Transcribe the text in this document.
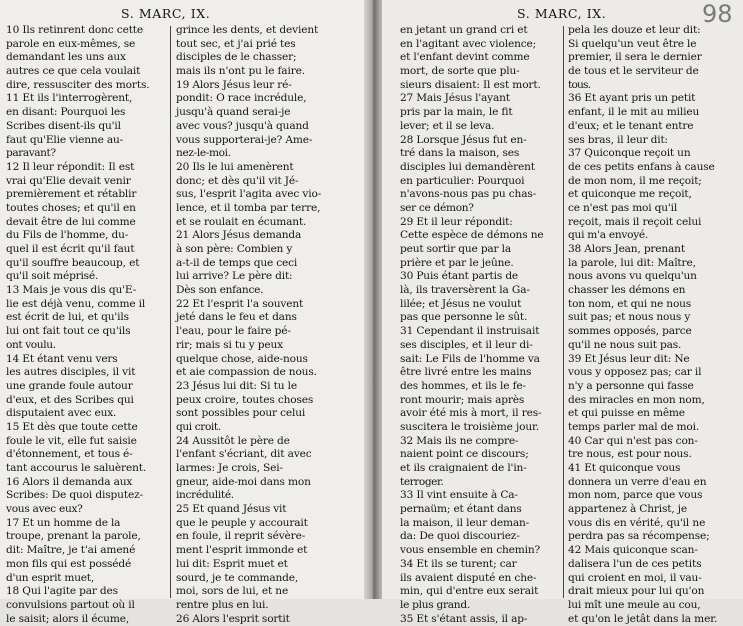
S. MARC, IX.
10 Ils retinrent donc cette
parole en eux-mêmes, se
demandant les uns aux
autres ce que cela voulait
dire, ressusciter des morts.
11 Et ils l'interrogèrent,
en disant: Pourquoi les
Scribes disent-ils qu'il
faut qu'Elie vienne au-
paravant?
12 Il leur répondit: Il est
vrai qu'Elie devait venir
premièrement et rétablir
toutes choses; et qu'il en
devait être de lui comme
du Fils de l'homme, du-
quel il est écrit qu'il faut
qu'il souffre beaucoup, et
qu'il soit méprisé.
13 Mais je vous dis qu'E-
lie est déjà venu, comme il
est écrit de lui, et qu'ils
lui ont fait tout ce qu'ils
ont voulu.
14 Et étant venu vers
les autres disciples, il vit
une grande foule autour
d'eux, et des Scribes qui
disputaient avec eux.
15 Et dès que toute cette
foule le vit, elle fut saisie
d'étonnement, et tous é-
tant accourus le saluèrent.
16 Alors il demanda aux
Scribes: De quoi disputez-
vous avec eux?
17 Et un homme de la
troupe, prenant la parole,
dit: Maître, je t'ai amené
mon fils qui est possédé
d'un esprit muet,
18 Qui l'agite par des
convulsions partout où il
le saisit; alors il écume,
grince les dents, et devient
tout sec, et j'ai prié tes
disciples de le chasser;
mais ils n'ont pu le faire.
19 Alors Jésus leur ré-
pondit: O race incrédule,
jusqu'à quand serai-je
avec vous? jusqu'à quand
vous supporterai-je? Ame-
nez-le-moi.
20 Ils le lui amenèrent
donc; et dès qu'il vit Jé-
sus, l'esprit l'agita avec vio-
lence, et il tomba par terre,
et se roulait en écumant.
21 Alors Jésus demanda
à son père: Combien y
a-t-il de temps que ceci
lui arrive? Le père dit:
Dès son enfance.
22 Et l'esprit l'a souvent
jeté dans le feu et dans
l'eau, pour le faire pé-
rir; mais si tu y peux
quelque chose, aide-nous
et aie compassion de nous.
23 Jésus lui dit: Si tu le
peux croire, toutes choses
sont possibles pour celui
qui croit.
24 Aussitôt le père de
l'enfant s'écriant, dit avec
larmes: Je crois, Sei-
gneur, aide-moi dans mon
incrédulité.
25 Et quand Jésus vit
que le peuple y accourait
en foule, il reprit sévère-
ment l'esprit immonde et
lui dit: Esprit muet et
sourd, je te commande,
moi, sors de lui, et ne
rentre plus en lui.
26 Alors l'esprit sortit
S. MARC, IX.	98
en jetant un grand cri et
en l'agitant avec violence;
et l'enfant devint comme
mort, de sorte que plu-
sieurs disaient: Il est mort.
27 Mais Jésus l'ayant
pris par la main, le fit
lever; et il se leva.
28 Lorsque Jésus fut en-
tré dans la maison, ses
disciples lui demandèrent
en particulier: Pourquoi
n'avons-nous pas pu chas-
ser ce démon?
29 Et il leur répondit:
Cette espèce de démons ne
peut sortir que par la
prière et par le jeûne.
30 Puis étant partis de
là, ils traversèrent la Ga-
lilée; et Jésus ne voulut
pas que personne le sût.
31 Cependant il instruisait
ses disciples, et il leur di-
sait: Le Fils de l'homme va
être livré entre les mains
des hommes, et ils le fe-
ront mourir; mais après
avoir été mis à mort, il res-
suscitera le troisième jour.
32 Mais ils ne compre-
naient point ce discours;
et ils craignaient de l'in-
terroger.
33 Il vint ensuite à Ca-
pernaüm; et étant dans
la maison, il leur deman-
da: De quoi discouriez-
vous ensemble en chemin?
34 Et ils se turent; car
ils avaient disputé en che-
min, qui d'entre eux serait
le plus grand.
35 Et s'étant assis, il ap-
pela les douze et leur dit:
Si quelqu'un veut être le
premier, il sera le dernier
de tous et le serviteur de
tous.
36 Et ayant pris un petit
enfant, il le mit au milieu
d'eux; et le tenant entre
ses bras, il leur dit:
37 Quiconque reçoit un
de ces petits enfans à cause
de mon nom, il me reçoit;
et quiconque me reçoit,
ce n'est pas moi qu'il
reçoit, mais il reçoit celui
qui m'a envoyé.
38 Alors Jean, prenant
la parole, lui dit: Maître,
nous avons vu quelqu'un
chasser les démons en
ton nom, et qui ne nous
suit pas; et nous nous y
sommes opposés, parce
qu'il ne nous suit pas.
39 Et Jésus leur dit: Ne
vous y opposez pas; car il
n'y a personne qui fasse
des miracles en mon nom,
et qui puisse en même
temps parler mal de moi.
40 Car qui n'est pas con-
tre nous, est pour nous.
41 Et quiconque vous
donnera un verre d'eau en
mon nom, parce que vous
appartenez à Christ, je
vous dis en vérité, qu'il ne
perdra pas sa récompense;
42 Mais quiconque scan-
dalisera l'un de ces petits
qui croient en moi, il vau-
drait mieux pour lui qu'on
lui mît une meule au cou,
et qu'on le jetât dans la mer.
